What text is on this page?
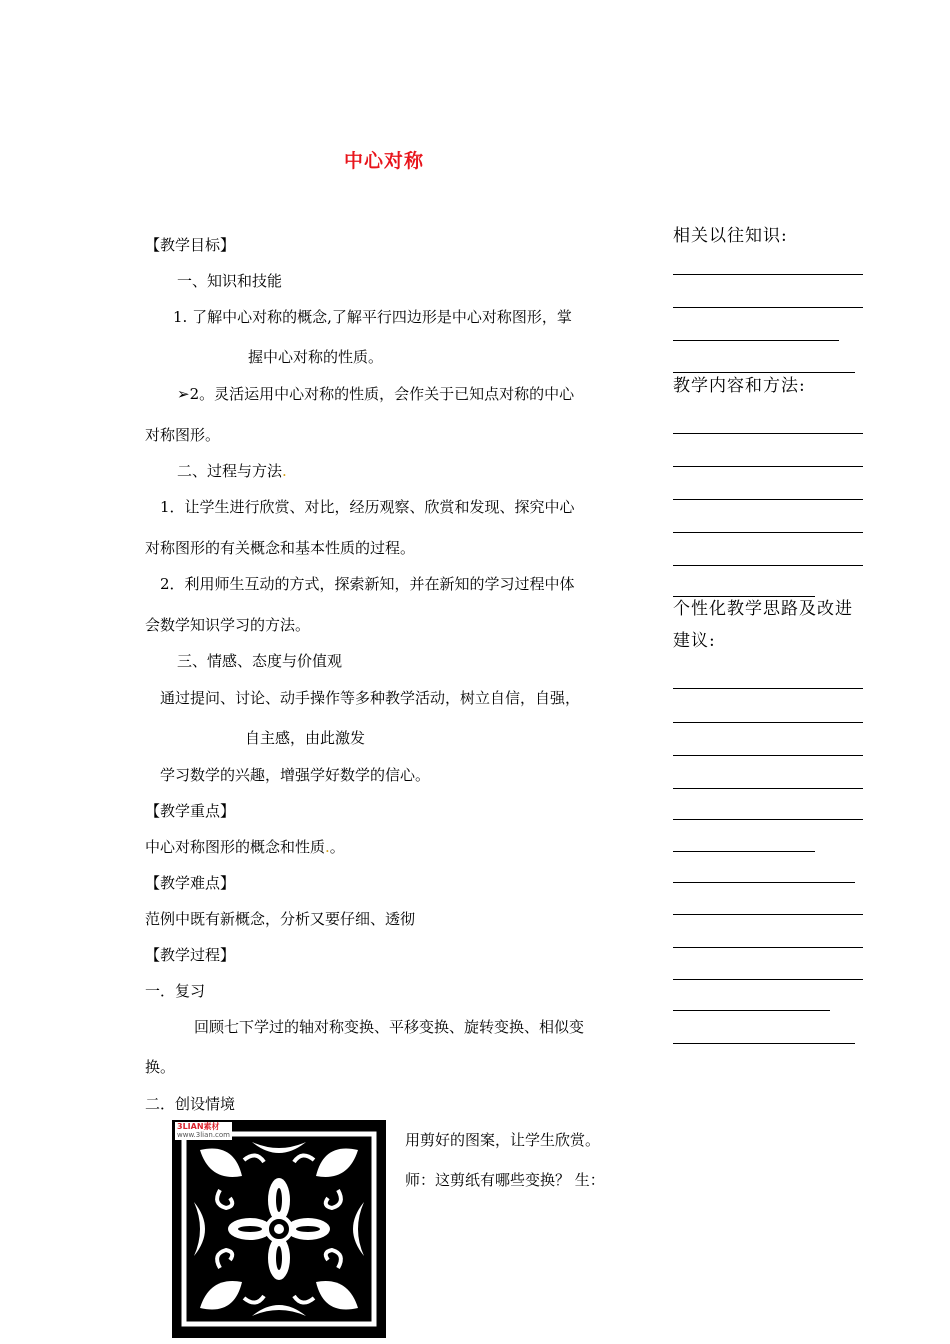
中心对称
【教学目标】
一、知识和技能
1. 了解中心对称的概念,了解平行四边形是中心对称图形，掌
握中心对称的性质。
➢2。灵活运用中心对称的性质，会作关于已知点对称的中心
对称图形。
二、过程与方法.
1．让学生进行欣赏、对比，经历观察、欣赏和发现、探究中心
对称图形的有关概念和基本性质的过程。
2．利用师生互动的方式，探索新知，并在新知的学习过程中体
会数学知识学习的方法。
三、情感、态度与价值观
通过提问、讨论、动手操作等多种教学活动，树立自信，自强，
自主感，由此激发
学习数学的兴趣，增强学好数学的信心。
【教学重点】
中心对称图形的概念和性质.。
【教学难点】
范例中既有新概念，分析又要仔细、透彻
【教学过程】
一．复习
回顾七下学过的轴对称变换、平移变换、旋转变换、相似变
换。
二．创设情境
用剪好的图案，让学生欣赏。
师：这剪纸有哪些变换？ 生：
3LIAN素材
www.3lian.com
相关以往知识:
教学内容和方法:
个性化教学思路及改进
建议:
